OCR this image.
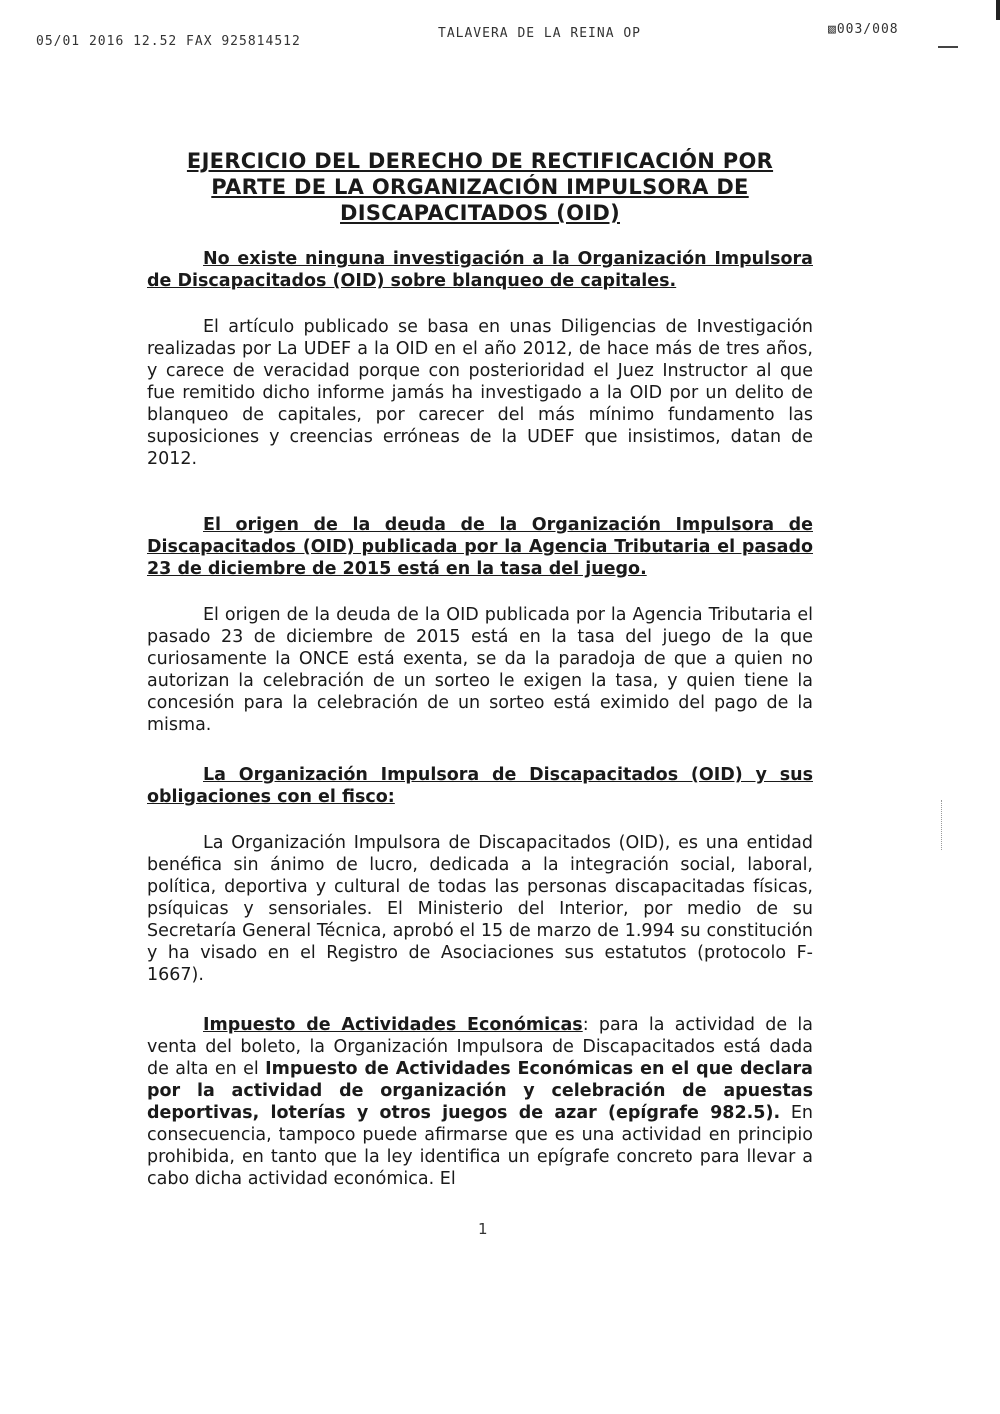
05/01 2016 12.52 FAX 925814512
TALAVERA DE LA REINA OP	▧003/008
EJERCICIO DEL DERECHO DE RECTIFICACIÓN POR PARTE DE LA ORGANIZACIÓN IMPULSORA DE DISCAPACITADOS (OID)

No existe ninguna investigación a la Organización Impulsora de Discapacitados (OID) sobre blanqueo de capitales.

El artículo publicado se basa en unas Diligencias de Investigación realizadas por La UDEF a la OID en el año 2012, de hace más de tres años, y carece de veracidad porque con posterioridad el Juez Instructor al que fue remitido dicho informe jamás ha investigado a la OID por un delito de blanqueo de capitales, por carecer del más mínimo fundamento las suposiciones y creencias erróneas de la UDEF que insistimos, datan de 2012.

El origen de la deuda de la Organización Impulsora de Discapacitados (OID) publicada por la Agencia Tributaria el pasado 23 de diciembre de 2015 está en la tasa del juego.

El origen de la deuda de la OID publicada por la Agencia Tributaria el pasado 23 de diciembre de 2015 está en la tasa del juego de la que curiosamente la ONCE está exenta, se da la paradoja de que a quien no autorizan la celebración de un sorteo le exigen la tasa, y quien tiene la concesión para la celebración de un sorteo está eximido del pago de la misma.

La Organización Impulsora de Discapacitados (OID) y sus obligaciones con el fisco:

La Organización Impulsora de Discapacitados (OID), es una entidad benéfica sin ánimo de lucro, dedicada a la integración social, laboral, política, deportiva y cultural de todas las personas discapacitadas físicas, psíquicas y sensoriales. El Ministerio del Interior, por medio de su Secretaría General Técnica, aprobó el 15 de marzo de 1.994 su constitución y ha visado en el Registro de Asociaciones sus estatutos (protocolo F-1667).

Impuesto de Actividades Económicas: para la actividad de la venta del boleto, la Organización Impulsora de Discapacitados está dada de alta en el Impuesto de Actividades Económicas en el que declara por la actividad de organización y celebración de apuestas deportivas, loterías y otros juegos de azar (epígrafe 982.5). En consecuencia, tampoco puede afirmarse que es una actividad en principio prohibida, en tanto que la ley identifica un epígrafe concreto para llevar a cabo dicha actividad económica. El

1
